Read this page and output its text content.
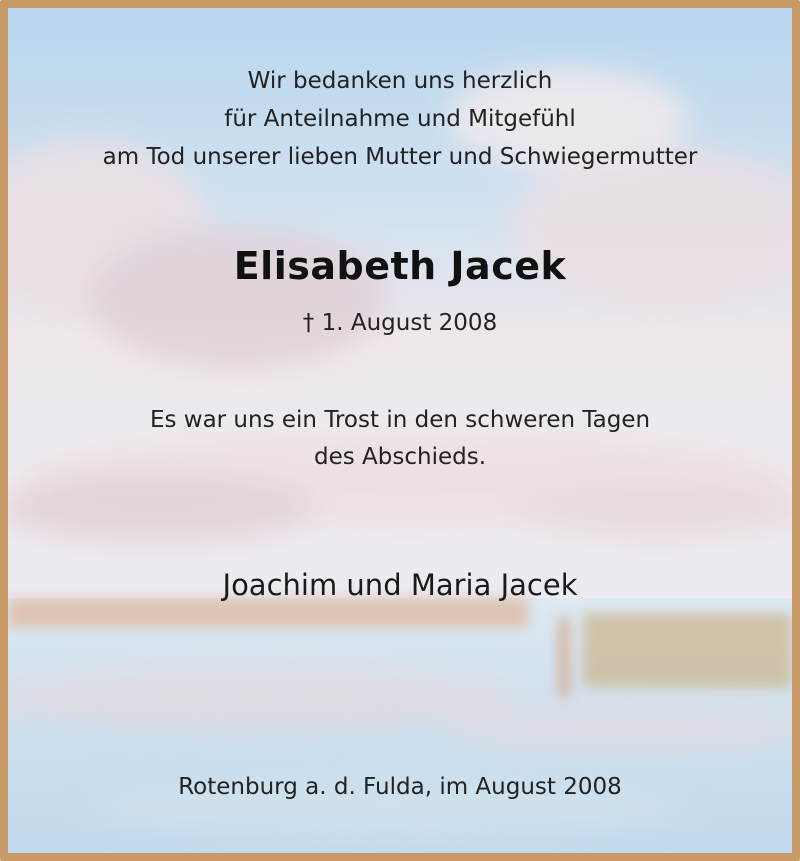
Wir bedanken uns herzlich
für Anteilnahme und Mitgefühl
am Tod unserer lieben Mutter und Schwiegermutter
Elisabeth Jacek
† 1. August 2008
Es war uns ein Trost in den schweren Tagen
des Abschieds.
Joachim und Maria Jacek
Rotenburg a. d. Fulda, im August 2008
